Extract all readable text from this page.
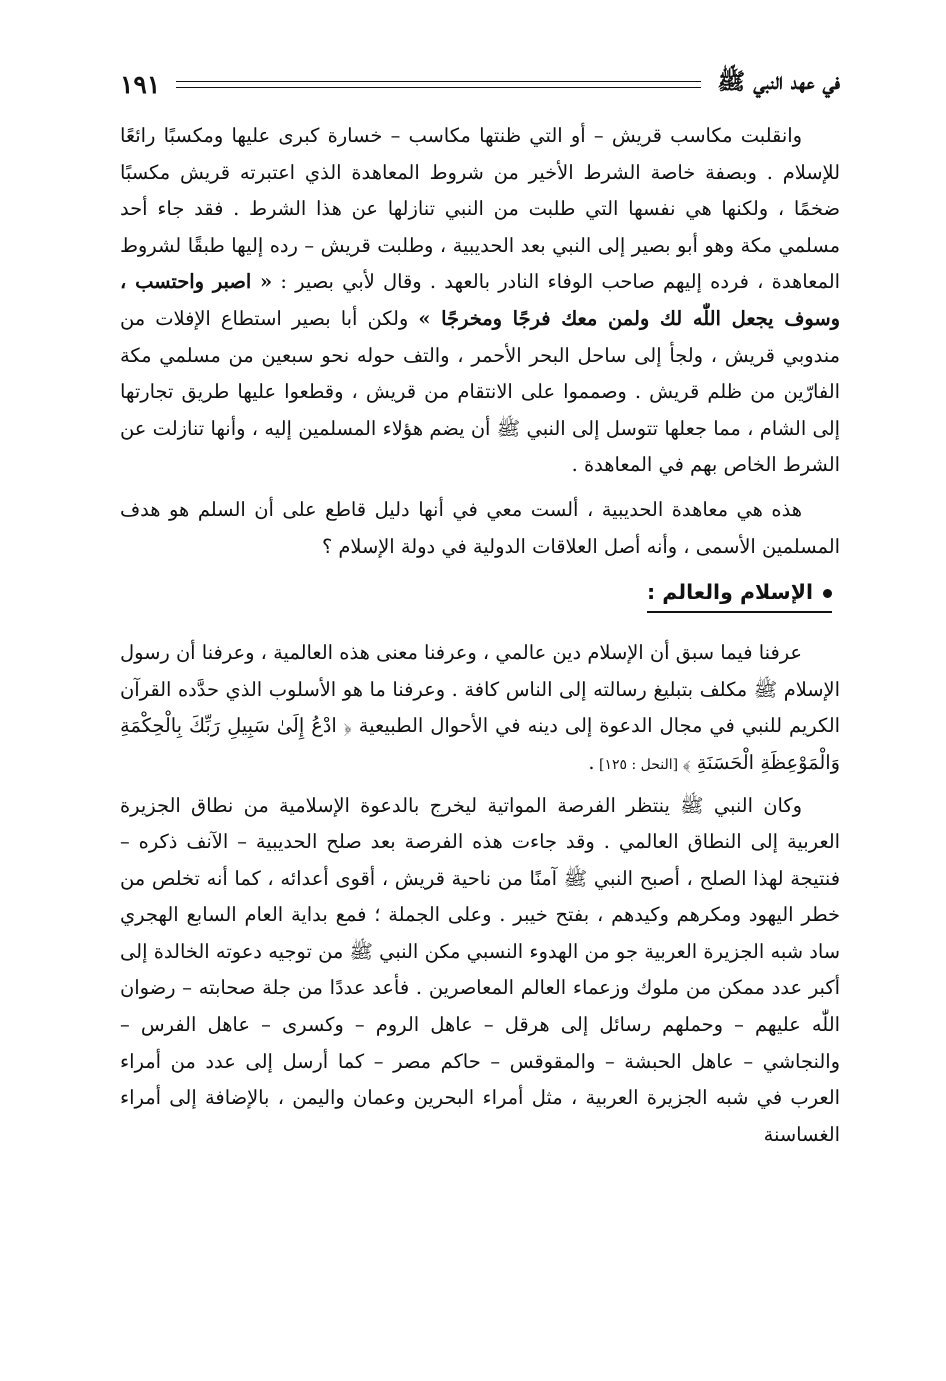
في عهد النبي ﷺ
١٩١

وانقلبت مكاسب قريش – أو التي ظنتها مكاسب – خسارة كبرى عليها ومكسبًا رائعًا للإسلام . وبصفة خاصة الشرط الأخير من شروط المعاهدة الذي اعتبرته قريش مكسبًا ضخمًا ، ولكنها هي نفسها التي طلبت من النبي تنازلها عن هذا الشرط . فقد جاء أحد مسلمي مكة وهو أبو بصير إلى النبي بعد الحديبية ، وطلبت قريش – رده إليها طبقًا لشروط المعاهدة ، فرده إليهم صاحب الوفاء النادر بالعهد . وقال لأبي بصير : « اصبر واحتسب ، وسوف يجعل اللّٰه لك ولمن معك فرجًا ومخرجًا » ولكن أبا بصير استطاع الإفلات من مندوبي قريش ، ولجأ إلى ساحل البحر الأحمر ، والتف حوله نحو سبعين من مسلمي مكة الفارّين من ظلم قريش . وصمموا على الانتقام من قريش ، وقطعوا عليها طريق تجارتها إلى الشام ، مما جعلها تتوسل إلى النبي ﷺ أن يضم هؤلاء المسلمين إليه ، وأنها تنازلت عن الشرط الخاص بهم في المعاهدة .

هذه هي معاهدة الحديبية ، ألست معي في أنها دليل قاطع على أن السلم هو هدف المسلمين الأسمى ، وأنه أصل العلاقات الدولية في دولة الإسلام ؟

الإسلام والعالم :

عرفنا فيما سبق أن الإسلام دين عالمي ، وعرفنا معنى هذه العالمية ، وعرفنا أن رسول الإسلام ﷺ مكلف بتبليغ رسالته إلى الناس كافة . وعرفنا ما هو الأسلوب الذي حدَّده القرآن الكريم للنبي في مجال الدعوة إلى دينه في الأحوال الطبيعية ﴿ ادْعُ إِلَىٰ سَبِيلِ رَبِّكَ بِالْحِكْمَةِ وَالْمَوْعِظَةِ الْحَسَنَةِ ﴾ [النحل : ١٢٥] .

وكان النبي ﷺ ينتظر الفرصة المواتية ليخرج بالدعوة الإسلامية من نطاق الجزيرة العربية إلى النطاق العالمي . وقد جاءت هذه الفرصة بعد صلح الحديبية – الآنف ذكره – فنتيجة لهذا الصلح ، أصبح النبي ﷺ آمنًا من ناحية قريش ، أقوى أعدائه ، كما أنه تخلص من خطر اليهود ومكرهم وكيدهم ، بفتح خيبر . وعلى الجملة ؛ فمع بداية العام السابع الهجري ساد شبه الجزيرة العربية جو من الهدوء النسبي مكن النبي ﷺ من توجيه دعوته الخالدة إلى أكبر عدد ممكن من ملوك وزعماء العالم المعاصرين . فأعد عددًا من جلة صحابته – رضوان اللّٰه عليهم – وحملهم رسائل إلى هرقل – عاهل الروم – وكسرى – عاهل الفرس – والنجاشي – عاهل الحبشة – والمقوقس – حاكم مصر – كما أرسل إلى عدد من أمراء العرب في شبه الجزيرة العربية ، مثل أمراء البحرين وعمان واليمن ، بالإضافة إلى أمراء الغساسنة
